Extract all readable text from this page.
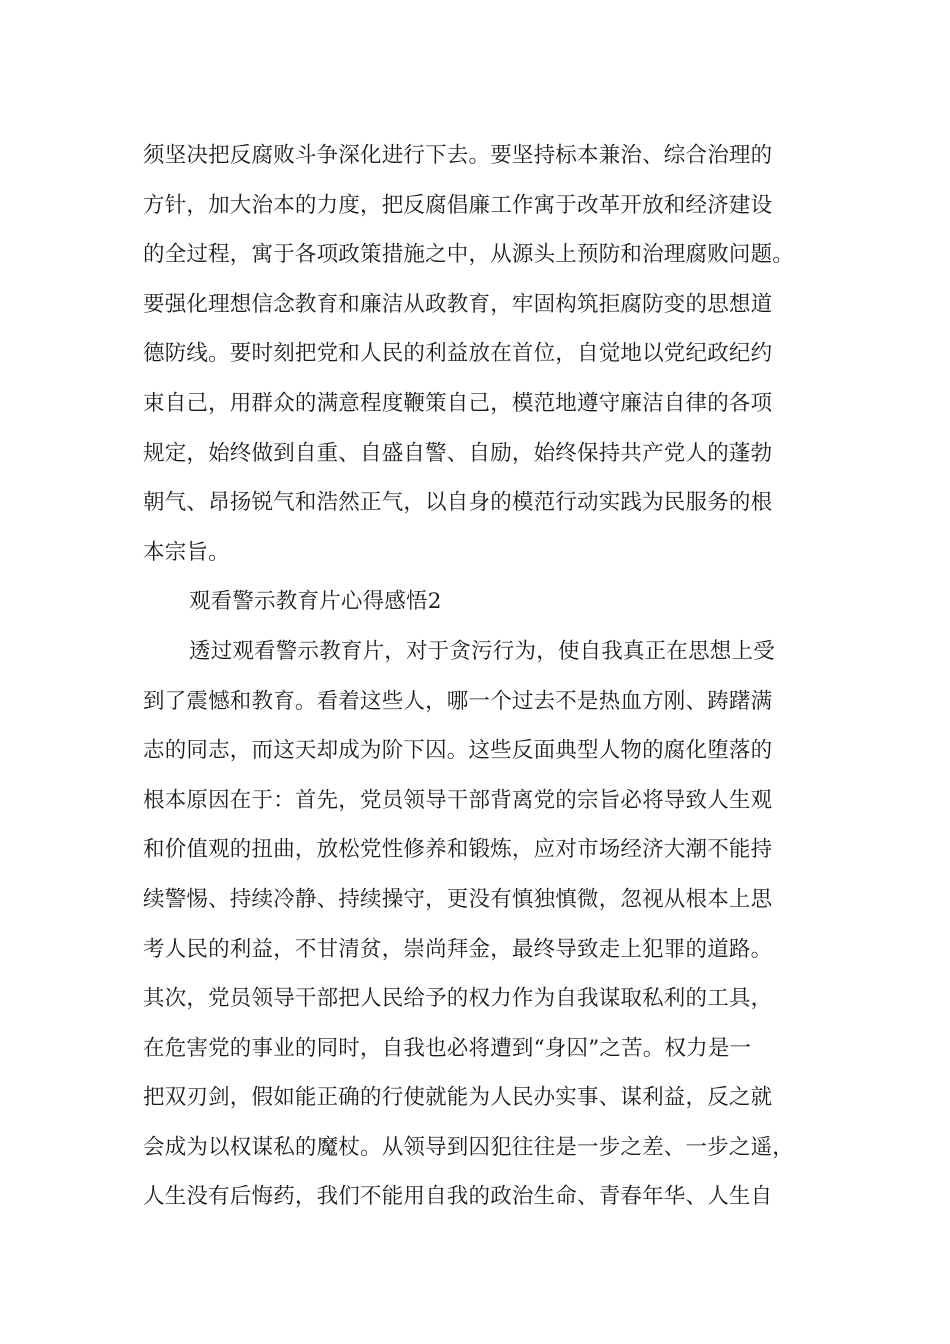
须坚决把反腐败斗争深化进行下去。要坚持标本兼治、综合治理的
方针，加大治本的力度，把反腐倡廉工作寓于改革开放和经济建设
的全过程，寓于各项政策措施之中，从源头上预防和治理腐败问题。
要强化理想信念教育和廉洁从政教育，牢固构筑拒腐防变的思想道
德防线。要时刻把党和人民的利益放在首位，自觉地以党纪政纪约
束自己，用群众的满意程度鞭策自己，模范地遵守廉洁自律的各项
规定，始终做到自重、自盛自警、自励，始终保持共产党人的蓬勃
朝气、昂扬锐气和浩然正气，以自身的模范行动实践为民服务的根
本宗旨。
观看警示教育片心得感悟2
透过观看警示教育片，对于贪污行为，使自我真正在思想上受
到了震憾和教育。看着这些人，哪一个过去不是热血方刚、踌躇满
志的同志，而这天却成为阶下囚。这些反面典型人物的腐化堕落的
根本原因在于：首先，党员领导干部背离党的宗旨必将导致人生观
和价值观的扭曲，放松党性修养和锻炼，应对市场经济大潮不能持
续警惕、持续冷静、持续操守，更没有慎独慎微，忽视从根本上思
考人民的利益，不甘清贫，崇尚拜金，最终导致走上犯罪的道路。
其次，党员领导干部把人民给予的权力作为自我谋取私利的工具，
在危害党的事业的同时，自我也必将遭到“身囚”之苦。权力是一
把双刃剑，假如能正确的行使就能为人民办实事、谋利益，反之就
会成为以权谋私的魔杖。从领导到囚犯往往是一步之差、一步之遥，
人生没有后悔药，我们不能用自我的政治生命、青春年华、人生自
